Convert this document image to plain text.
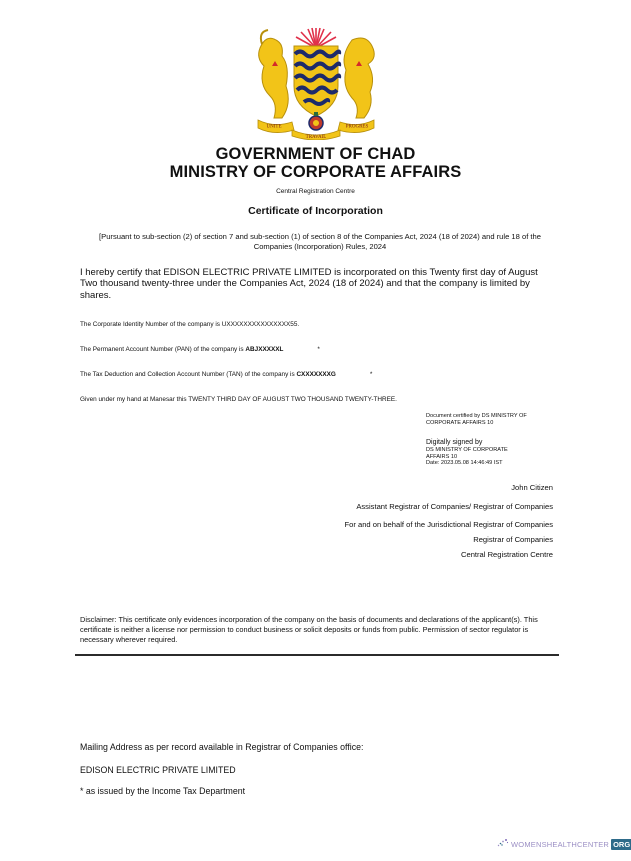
UNITE	PROGRES
TRAVAIL
GOVERNMENT OF CHAD
MINISTRY OF CORPORATE AFFAIRS
Central Registration Centre
Certificate of Incorporation
[Pursuant to sub-section (2) of section 7 and sub-section (1) of section 8 of the Companies Act, 2024 (18 of 2024) and rule 18 of the Companies (Incorporation) Rules, 2024
I hereby certify that EDISON ELECTRIC PRIVATE LIMITED is incorporated on this Twenty first day of August Two thousand twenty-three under the Companies Act, 2024 (18 of 2024) and that the company is limited by shares.
The Corporate Identity Number of the company is UXXXXXXXXXXXXXXX55.
The Permanent Account Number (PAN) of the company is ABJXXXXXL	*
The Tax Deduction and Collection Account Number (TAN) of the company is CXXXXXXXG	*
Given under my hand at Manesar this TWENTY THIRD DAY OF AUGUST TWO THOUSAND TWENTY-THREE.
Document certified by DS MINISTRY OF
CORPORATE AFFAIRS 10
Digitally signed by
DS MINISTRY OF CORPORATE
AFFAIRS 10
Date: 2023.05.08 14:46:49 IST
John Citizen
Assistant Registrar of Companies/ Registrar of Companies
For and on behalf of the Jurisdictional Registrar of Companies
Registrar of Companies
Central Registration Centre
Disclaimer: This certificate only evidences incorporation of the company on the basis of documents and declarations of the applicant(s). This certificate is neither a license nor permission to conduct business or solicit deposits or funds from public. Permission of sector regulator is necessary wherever required.
Mailing Address as per record available in Registrar of Companies office:
EDISON ELECTRIC PRIVATE LIMITED
* as issued by the Income Tax Department
WOMENSHEALTHCENTER ORG
